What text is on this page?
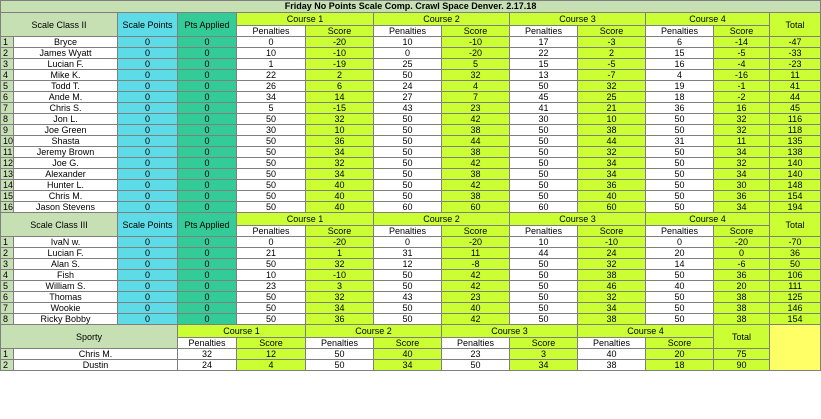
Friday No Points Scale Comp. Crawl Space Denver. 2.17.18												
Scale Class II		Scale Points	Pts Applied	Course 1		Course 2		Course 3		Course 4		Total
				Penalties	Score	Penalties	Score	Penalties	Score	Penalties	Score	
1	Bryce	0	0	0	-20	10	-10	17	-3	6	-14	-47
2	James Wyatt	0	0	10	-10	0	-20	22	2	15	-5	-33
3	Lucian F.	0	0	1	-19	25	5	15	-5	16	-4	-23
4	Mike K.	0	0	22	2	50	32	13	-7	4	-16	11
5	Todd T.	0	0	26	6	24	4	50	32	19	-1	41
6	Ande M.	0	0	34	14	27	7	45	25	18	-2	44
7	Chris S.	0	0	5	-15	43	23	41	21	36	16	45
8	Jon L.	0	0	50	32	50	42	30	10	50	32	116
9	Joe Green	0	0	30	10	50	38	50	38	50	32	118
10	Shasta	0	0	50	36	50	44	50	44	31	11	135
11	Jeremy Brown	0	0	50	34	50	38	50	32	50	34	138
12	Joe G.	0	0	50	32	50	42	50	34	50	32	140
13	Alexander	0	0	50	34	50	38	50	34	50	34	140
14	Hunter L.	0	0	50	40	50	42	50	36	50	30	148
15	Chris M.	0	0	50	40	50	38	50	40	50	36	154
16	Jason Stevens	0	0	50	40	60	60	60	60	50	34	194
Scale Class III		Scale Points	Pts Applied	Course 1		Course 2		Course 3		Course 4		Total
				Penalties	Score	Penalties	Score	Penalties	Score	Penalties	Score	
1	IvaN w.	0	0	0	-20	0	-20	10	-10	0	-20	-70
2	Lucian F.	0	0	21	1	31	11	44	24	20	0	36
3	Alan S.	0	0	50	32	12	-8	50	32	14	-6	50
4	Fish	0	0	10	-10	50	42	50	38	50	36	106
5	William S.	0	0	23	3	50	42	50	46	40	20	111
6	Thomas	0	0	50	32	43	23	50	32	50	38	125
7	Wookie	0	0	50	34	50	40	50	34	50	38	146
8	Ricky Bobby	0	0	50	36	50	42	50	38	50	38	154
Sporty			Course 1		Course 2		Course 3		Course 4		Total	
			Penalties	Score	Penalties	Score	Penalties	Score	Penalties	Score		
1	Chris M.		32	12	50	40	23	3	40	20	75	
2	Dustin		24	4	50	34	50	34	38	18	90	
